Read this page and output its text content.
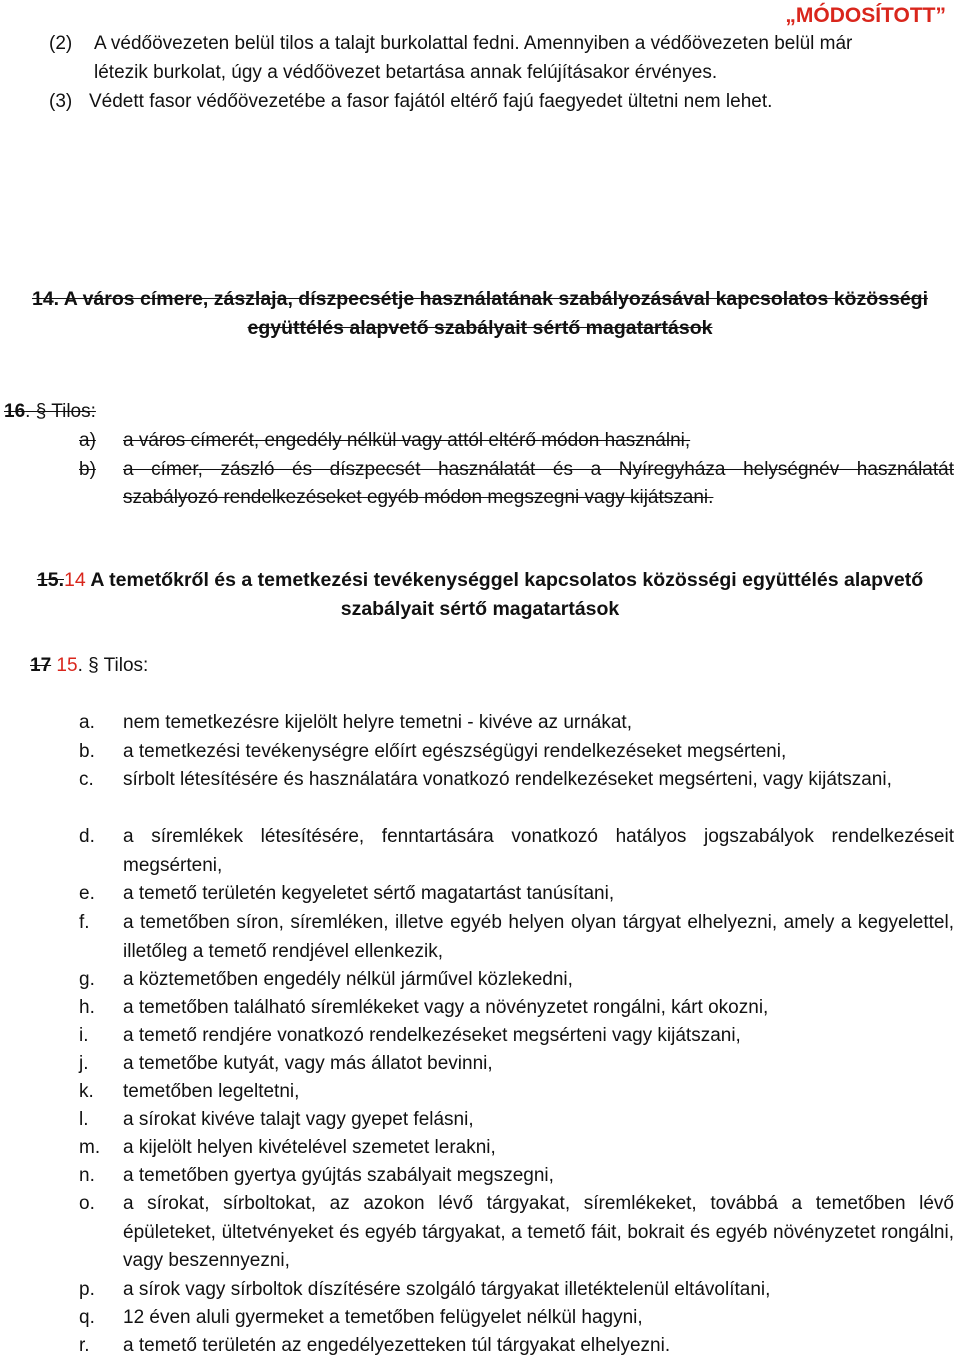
„MÓDOSÍTOTT”
(2) A védőövezeten belül tilos a talajt burkolattal fedni. Amennyiben a védőövezeten belül már
létezik burkolat, úgy a védőövezet betartása annak felújításakor érvényes.
(3) Védett fasor védőövezetébe a fasor fajától eltérő fajú faegyedet ültetni nem lehet.
14. A város címere, zászlaja, díszpecsétje használatának szabályozásával kapcsolatos közösségi
együttélés alapvető szabályait sértő magatartások
16. § Tilos:
a) a város címerét, engedély nélkül vagy attól eltérő módon használni,
b) a címer, zászló és díszpecsét használatát és a Nyíregyháza helységnév használatát
szabályozó rendelkezéseket egyéb módon megszegni vagy kijátszani.
15.14 A temetőkről és a temetkezési tevékenységgel kapcsolatos közösségi együttélés alapvető
szabályait sértő magatartások
17 15. § Tilos:
a. nem temetkezésre kijelölt helyre temetni - kivéve az urnákat,
b. a temetkezési tevékenységre előírt egészségügyi rendelkezéseket megsérteni,
c. sírbolt létesítésére és használatára vonatkozó rendelkezéseket megsérteni, vagy kijátszani,
d. a síremlékek létesítésére, fenntartására vonatkozó hatályos jogszabályok rendelkezéseit megsérteni,
e. a temető területén kegyeletet sértő magatartást tanúsítani,
f. a temetőben síron, síremléken, illetve egyéb helyen olyan tárgyat elhelyezni, amely a kegyelettel, illetőleg a temető rendjével ellenkezik,
g. a köztemetőben engedély nélkül járművel közlekedni,
h. a temetőben található síremlékeket vagy a növényzetet rongálni, kárt okozni,
i. a temető rendjére vonatkozó rendelkezéseket megsérteni vagy kijátszani,
j. a temetőbe kutyát, vagy más állatot bevinni,
k. temetőben legeltetni,
l. a sírokat kivéve talajt vagy gyepet felásni,
m. a kijelölt helyen kivételével szemetet lerakni,
n. a temetőben gyertya gyújtás szabályait megszegni,
o. a sírokat, sírboltokat, az azokon lévő tárgyakat, síremlékeket, továbbá a temetőben lévő épületeket, ültetvényeket és egyéb tárgyakat, a temető fáit, bokrait és egyéb növényzetet rongálni, vagy beszennyezni,
p. a sírok vagy sírboltok díszítésére szolgáló tárgyakat illetéktelenül eltávolítani,
q. 12 éven aluli gyermeket a temetőben felügyelet nélkül hagyni,
r. a temető területén az engedélyezetteken túl tárgyakat elhelyezni.
